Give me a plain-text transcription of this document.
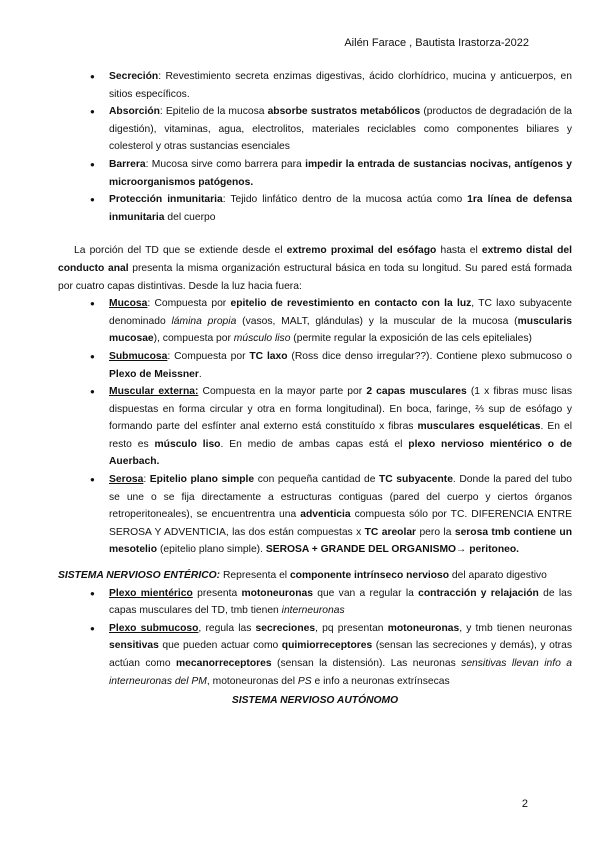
Ailén Farace , Bautista Irastorza-2022
● Secreción: Revestimiento secreta enzimas digestivas, ácido clorhídrico, mucina y anticuerpos, en sitios específicos.
● Absorción: Epitelio de la mucosa absorbe sustratos metabólicos (productos de degradación de la digestión), vitaminas, agua, electrolitos, materiales reciclables como componentes biliares y colesterol y otras sustancias esenciales
● Barrera: Mucosa sirve como barrera para impedir la entrada de sustancias nocivas, antígenos y microorganismos patógenos.
● Protección inmunitaria: Tejido linfático dentro de la mucosa actúa como 1ra línea de defensa inmunitaria del cuerpo

La porción del TD que se extiende desde el extremo proximal del esófago hasta el extremo distal del conducto anal presenta la misma organización estructural básica en toda su longitud. Su pared está formada por cuatro capas distintivas. Desde la luz hacia fuera:

● Mucosa: Compuesta por epitelio de revestimiento en contacto con la luz, TC laxo subyacente denominado lámina propia (vasos, MALT, glándulas) y la muscular de la mucosa (muscularis mucosae), compuesta por músculo liso (permite regular la exposición de las cels epiteliales)
● Submucosa: Compuesta por TC laxo (Ross dice denso irregular??). Contiene plexo submucoso o Plexo de Meissner.
● Muscular externa: Compuesta en la mayor parte por 2 capas musculares (1 x fibras musc lisas dispuestas en forma circular y otra en forma longitudinal). En boca, faringe, ⅔ sup de esófago y formando parte del esfínter anal externo está constituído x fibras musculares esqueléticas. En el resto es músculo liso. En medio de ambas capas está el plexo nervioso mientérico o de Auerbach.
● Serosa: Epitelio plano simple con pequeña cantidad de TC subyacente. Donde la pared del tubo se une o se fija directamente a estructuras contiguas (pared del cuerpo y ciertos órganos retroperitoneales), se encuentrentra una adventicia compuesta sólo por TC. DIFERENCIA ENTRE SEROSA Y ADVENTICIA, las dos están compuestas x TC areolar pero la serosa tmb contiene un mesotelio (epitelio plano simple). SEROSA + GRANDE DEL ORGANISMO→ peritoneo.

SISTEMA NERVIOSO ENTÉRICO: Representa el componente intrínseco nervioso del aparato digestivo

● Plexo mientérico presenta motoneuronas que van a regular la contracción y relajación de las capas musculares del TD, tmb tienen interneuronas
● Plexo submucoso, regula las secreciones, pq presentan motoneuronas, y tmb tienen neuronas sensitivas que pueden actuar como quimiorreceptores (sensan las secreciones y demás), y otras actúan como mecanorreceptores (sensan la distensión). Las neuronas sensitivas llevan info a interneuronas del PM, motoneuronas del PS e info a neuronas extrínsecas
SISTEMA NERVIOSO AUTÓNOMO
2
